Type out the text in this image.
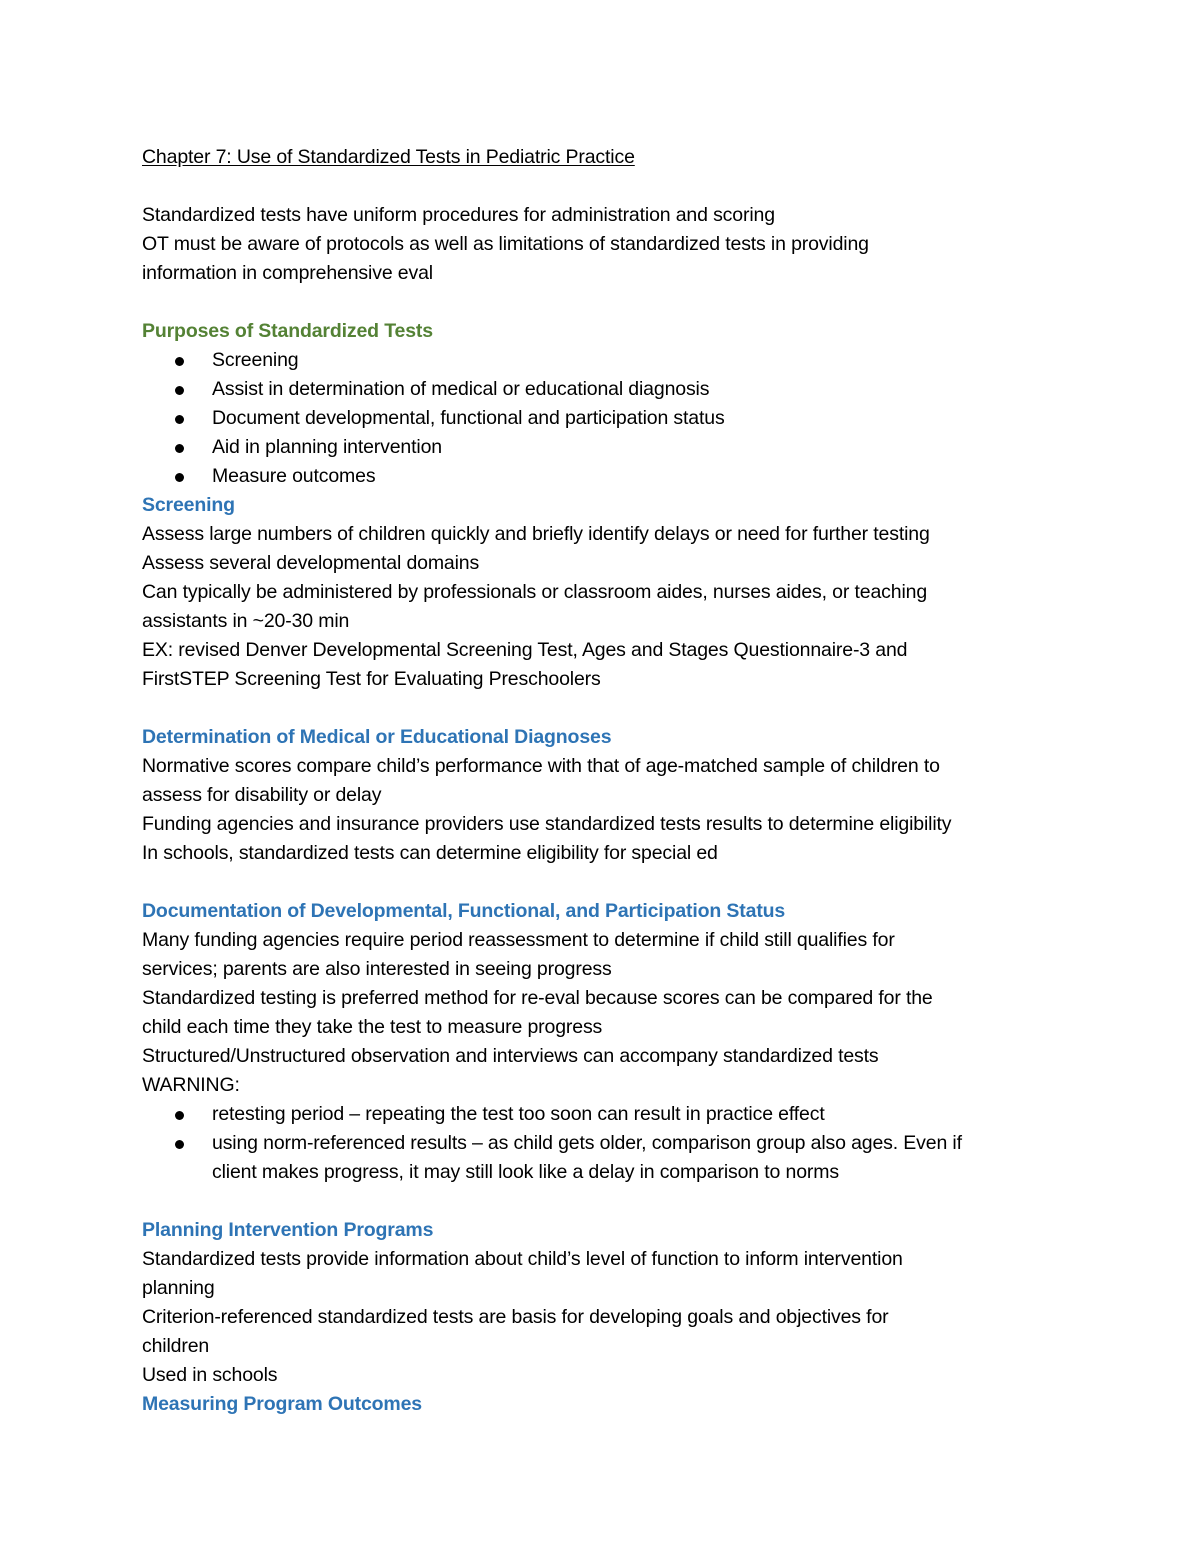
Chapter 7: Use of Standardized Tests in Pediatric Practice
Standardized tests have uniform procedures for administration and scoring
OT must be aware of protocols as well as limitations of standardized tests in providing
information in comprehensive eval
Purposes of Standardized Tests
Screening
Assist in determination of medical or educational diagnosis
Document developmental, functional and participation status
Aid in planning intervention
Measure outcomes
Screening
Assess large numbers of children quickly and briefly identify delays or need for further testing
Assess several developmental domains
Can typically be administered by professionals or classroom aides, nurses aides, or teaching
assistants in ~20-30 min
EX: revised Denver Developmental Screening Test, Ages and Stages Questionnaire-3 and
FirstSTEP Screening Test for Evaluating Preschoolers
Determination of Medical or Educational Diagnoses
Normative scores compare child’s performance with that of age-matched sample of children to
assess for disability or delay
Funding agencies and insurance providers use standardized tests results to determine eligibility
In schools, standardized tests can determine eligibility for special ed
Documentation of Developmental, Functional, and Participation Status
Many funding agencies require period reassessment to determine if child still qualifies for
services; parents are also interested in seeing progress
Standardized testing is preferred method for re-eval because scores can be compared for the
child each time they take the test to measure progress
Structured/Unstructured observation and interviews can accompany standardized tests
WARNING:
retesting period – repeating the test too soon can result in practice effect
using norm-referenced results – as child gets older, comparison group also ages. Even if
client makes progress, it may still look like a delay in comparison to norms
Planning Intervention Programs
Standardized tests provide information about child’s level of function to inform intervention
planning
Criterion-referenced standardized tests are basis for developing goals and objectives for
children
Used in schools
Measuring Program Outcomes
